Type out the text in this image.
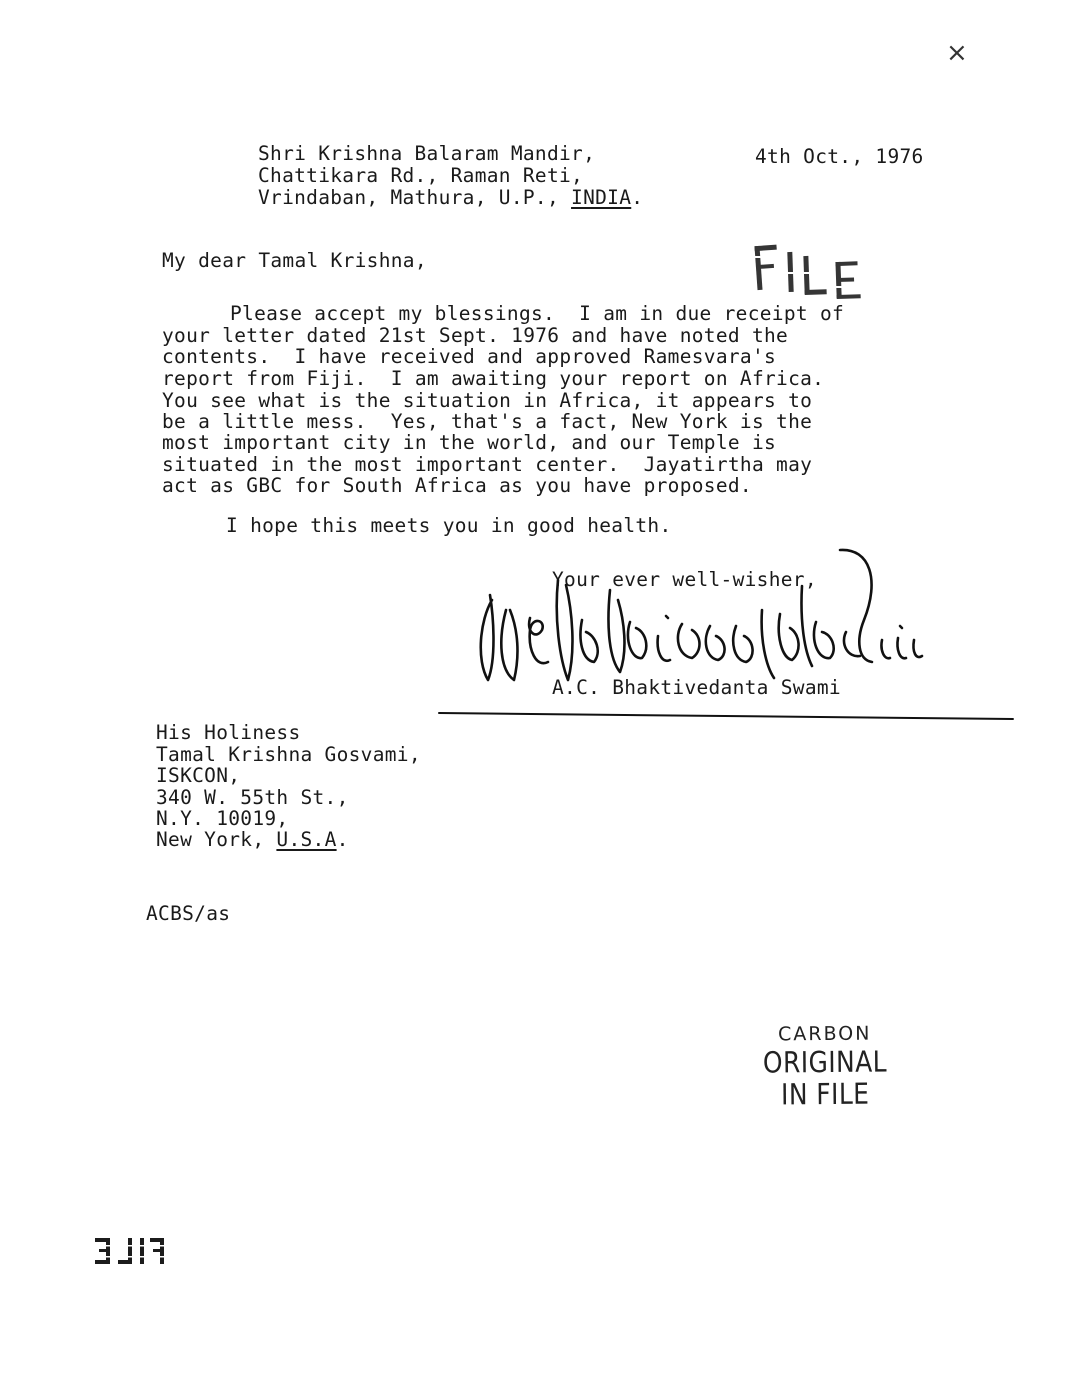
×
Shri Krishna Balaram Mandir,
Chattikara Rd., Raman Reti,
Vrindaban, Mathura, U.P., INDIA.
4th Oct., 1976
My dear Tamal Krishna,
Please accept my blessings.  I am in due receipt of
your letter dated 21st Sept. 1976 and have noted the
contents.  I have received and approved Ramesvara's
report from Fiji.  I am awaiting your report on Africa.
You see what is the situation in Africa, it appears to
be a little mess.  Yes, that's a fact, New York is the
most important city in the world, and our Temple is
situated in the most important center.  Jayatirtha may
act as GBC for South Africa as you have proposed.
I hope this meets you in good health.
Your ever well-wisher,
A.C. Bhaktivedanta Swami
His Holiness
Tamal Krishna Gosvami,
ISKCON,
340 W. 55th St.,
N.Y. 10019,
New York, U.S.A.
ACBS/as
CARBON
ORIGINAL
IN FILE
